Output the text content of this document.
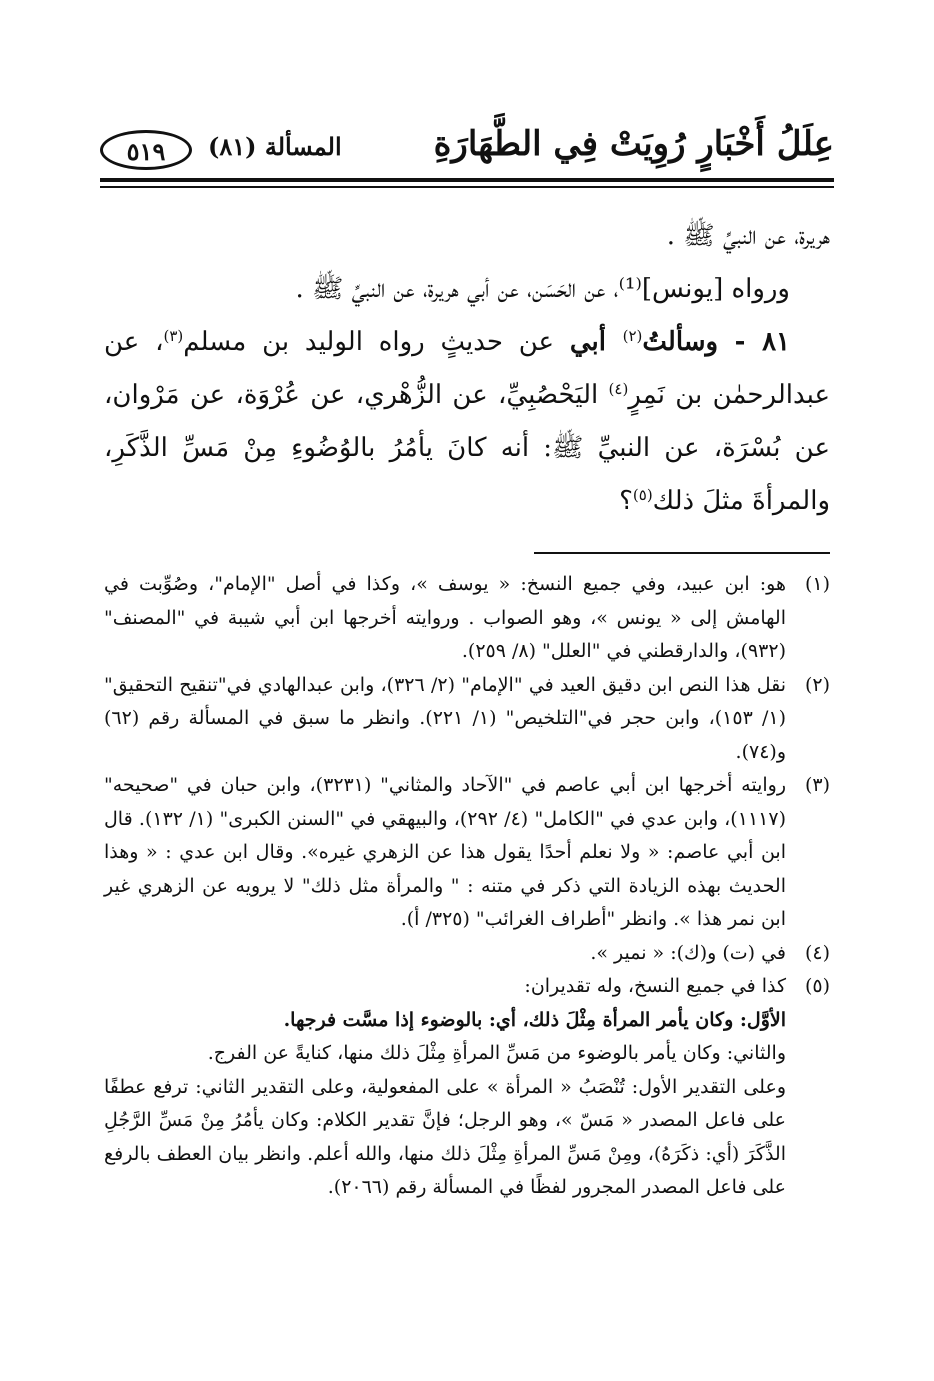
عِلَلُ أَخْبَارٍ رُوِيَتْ فِي الطَّهَارَةِ
المسألة (٨١)
٥١٩

هريرة، عن النبيِّ ﷺ .

ورواه [يونس]⁽¹⁾، عن الحَسَن، عن أبي هريرة، عن النبيِّ ﷺ .

٨١ - وسألتُ$^{(٢)}$ أبي عن حديثٍ رواه الوليد بن مسلم$^{(٣)}$، عن عبدالرحمٰن بن نَمِرٍ$^{(٤)}$ اليَحْصُبِيِّ، عن الزُّهْري، عن عُرْوَة، عن مَرْوان، عن بُسْرَة، عن النبيِّ ﷺ: أنه كانَ يأمُرُ بالوُضُوءِ مِنْ مَسِّ الذَّكَرِ، والمرأةَ مثلَ ذلك$^{(٥)}$؟

(١)
هو: ابن عبيد، وفي جميع النسخ: « يوسف »، وكذا في أصل "الإمام"، وصُوِّبت في الهامش إلى « يونس »، وهو الصواب . وروايته أخرجها ابن أبي شيبة في "المصنف" (٩٣٢)، والدارقطني في "العلل" (٨/ ٢٥٩).
(٢)
نقل هذا النص ابن دقيق العيد في "الإمام" (٢/ ٣٢٦)، وابن عبدالهادي في"تنقيح التحقيق" (١/ ١٥٣)، وابن حجر في"التلخيص" (١/ ٢٢١). وانظر ما سبق في المسألة رقم (٦٢) و(٧٤).
(٣)
روايته أخرجها ابن أبي عاصم في "الآحاد والمثاني" (٣٢٣١)، وابن حبان في "صحيحه" (١١١٧)، وابن عدي في "الكامل" (٤/ ٢٩٢)، والبيهقي في "السنن الكبرى" (١/ ١٣٢). قال ابن أبي عاصم: « ولا نعلم أحدًا يقول هذا عن الزهري غيره». وقال ابن عدي : « وهذا الحديث بهذه الزيادة التي ذكر في متنه : " والمرأة مثل ذلك" لا يرويه عن الزهري غير ابن نمر هذا ». وانظر "أطراف الغرائب" (٣٢٥/ أ).
(٤)
في (ت) و(ك): « نمير ».
(٥)
كذا في جميع النسخ، وله تقديران:
الأوَّل: وكان يأمر المرأة مِثْلَ ذلك، أي: بالوضوء إذا مسَّت فرجها.
والثاني: وكان يأمر بالوضوء من مَسِّ المرأةِ مِثْلَ ذلك منها، كنايةً عن الفرج.
وعلى التقدير الأول: تُنْصَبُ « المرأة » على المفعولية، وعلى التقدير الثاني: ترفع عطفًا على فاعل المصدر « مَسّ »، وهو الرجل؛ فإنَّ تقدير الكلام: وكان يأمُرُ مِنْ مَسِّ الرَّجُلِ الذَّكَرَ (أي: ذكَرَهُ)، ومِنْ مَسِّ المرأةِ مِثْلَ ذلك منها، والله أعلم. وانظر بيان العطف بالرفع على فاعل المصدر المجرور لفظًا في المسألة رقم (٢٠٦٦).
